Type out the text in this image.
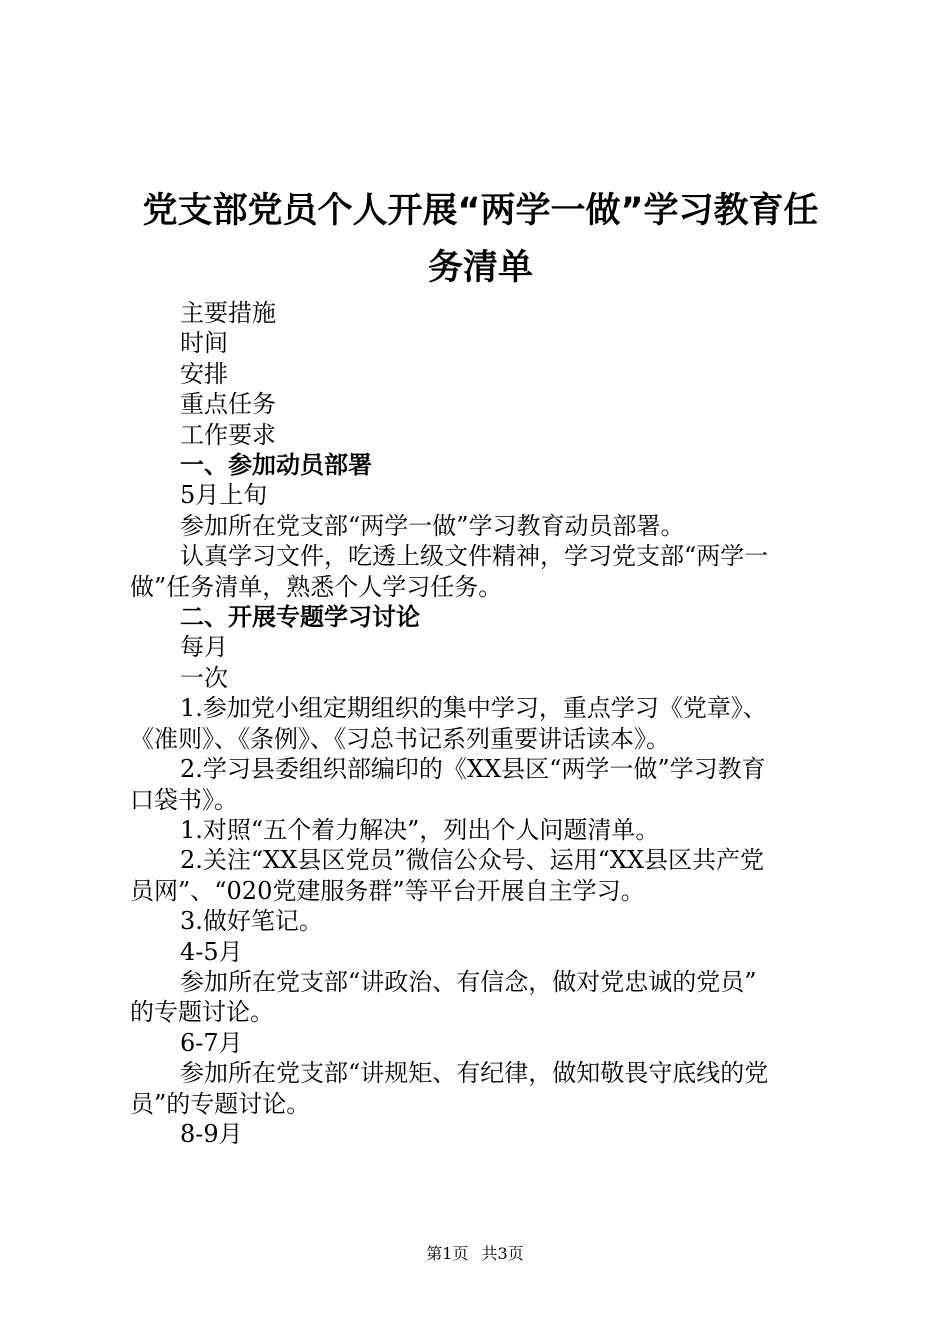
党支部党员个人开展“两学一做”学习教育任
务清单

主要措施

时间

安排

重点任务

工作要求

一、参加动员部署

5月上旬

参加所在党支部“两学一做”学习教育动员部署。

认真学习文件，吃透上级文件精神，学习党支部“两学一

做”任务清单，熟悉个人学习任务。

二、开展专题学习讨论

每月

一次

1.参加党小组定期组织的集中学习，重点学习《党章》、

《准则》、《条例》、《习总书记系列重要讲话读本》。

2.学习县委组织部编印的《XX县区“两学一做”学习教育

口袋书》。

1.对照“五个着力解决”，列出个人问题清单。

2.关注“XX县区党员”微信公众号、运用“XX县区共产党

员网”、“020党建服务群”等平台开展自主学习。

3.做好笔记。

4-5月

参加所在党支部“讲政治、有信念，做对党忠诚的党员”

的专题讨论。

6-7月

参加所在党支部“讲规矩、有纪律，做知敬畏守底线的党

员”的专题讨论。

8-9月

第1页 共3页
